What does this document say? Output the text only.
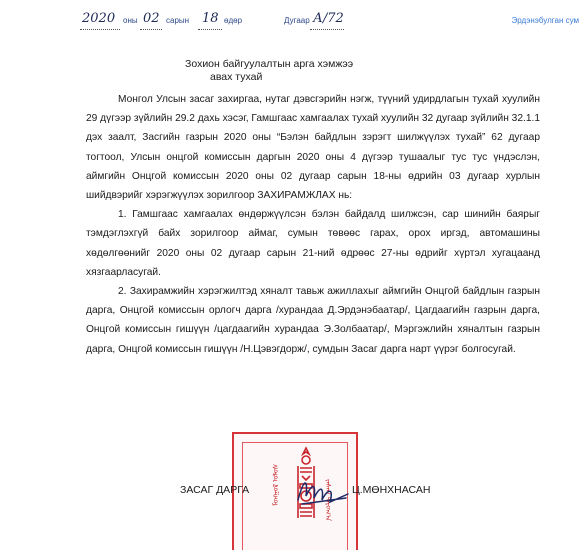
2020 оны 02 сарын 18 өдөр	Дугаар А/72	Эрдэнэбулган сум
Зохион байгуулалтын арга хэмжээ
авах тухай

Монгол Улсын засаг захиргаа, нутаг дэвсгэрийн нэгж, түүний удирдлагын тухай хуулийн 29 дүгээр зүйлийн 29.2 дахь хэсэг, Гамшгаас хамгаалах тухай хуулийн 32 дугаар зүйлийн 32.1.1 дэх заалт, Засгийн газрын 2020 оны “Бэлэн байдлын зэрэгт шилжүүлэх тухай” 62 дугаар тогтоол, Улсын онцгой комиссын даргын 2020 оны 4 дүгээр тушаалыг тус тус үндэслэн, аймгийн Онцгой комиссын 2020 оны 02 дугаар сарын 18-ны өдрийн 03 дугаар хурлын шийдвэрийг хэрэгжүүлэх зорилгоор ЗАХИРАМЖЛАХ нь:

1. Гамшгаас хамгаалах өндөржүүлсэн бэлэн байдалд шилжсэн, сар шинийн баярыг тэмдэглэхгүй байх зорилгоор аймаг, сумын төвөөс гарах, орох иргэд, автомашины хөдөлгөөнийг 2020 оны 02 дугаар сарын 21-ний өдрөөс 27-ны өдрийг хүртэл хугацаанд хязгаарласугай.

2. Захирамжийн хэрэгжилтэд хяналт тавьж ажиллахыг аймгийн Онцгой байдлын газрын дарга, Онцгой комиссын орлогч дарга /хурандаа Д.Эрдэнэбаатар/, Цагдаагийн газрын дарга, Онцгой комиссын гишүүн /цагдаагийн хурандаа Э.Золбаатар/, Мэргэжлийн хяналтын газрын дарга, Онцгой комиссын гишүүн /Н.Цэвэгдорж/, сумдын Засаг дарга нарт үүрэг болгосугай.

ᠮᠣᠩᠭᠣᠯ ᠤᠯᠤᠰ	ᠵᠠᠰᠠᠭ ᠳᠠᠷᠤᠭ᠎ᠠ
ЗАСАГ ДАРГА	Ц.МӨНХНАСАН
